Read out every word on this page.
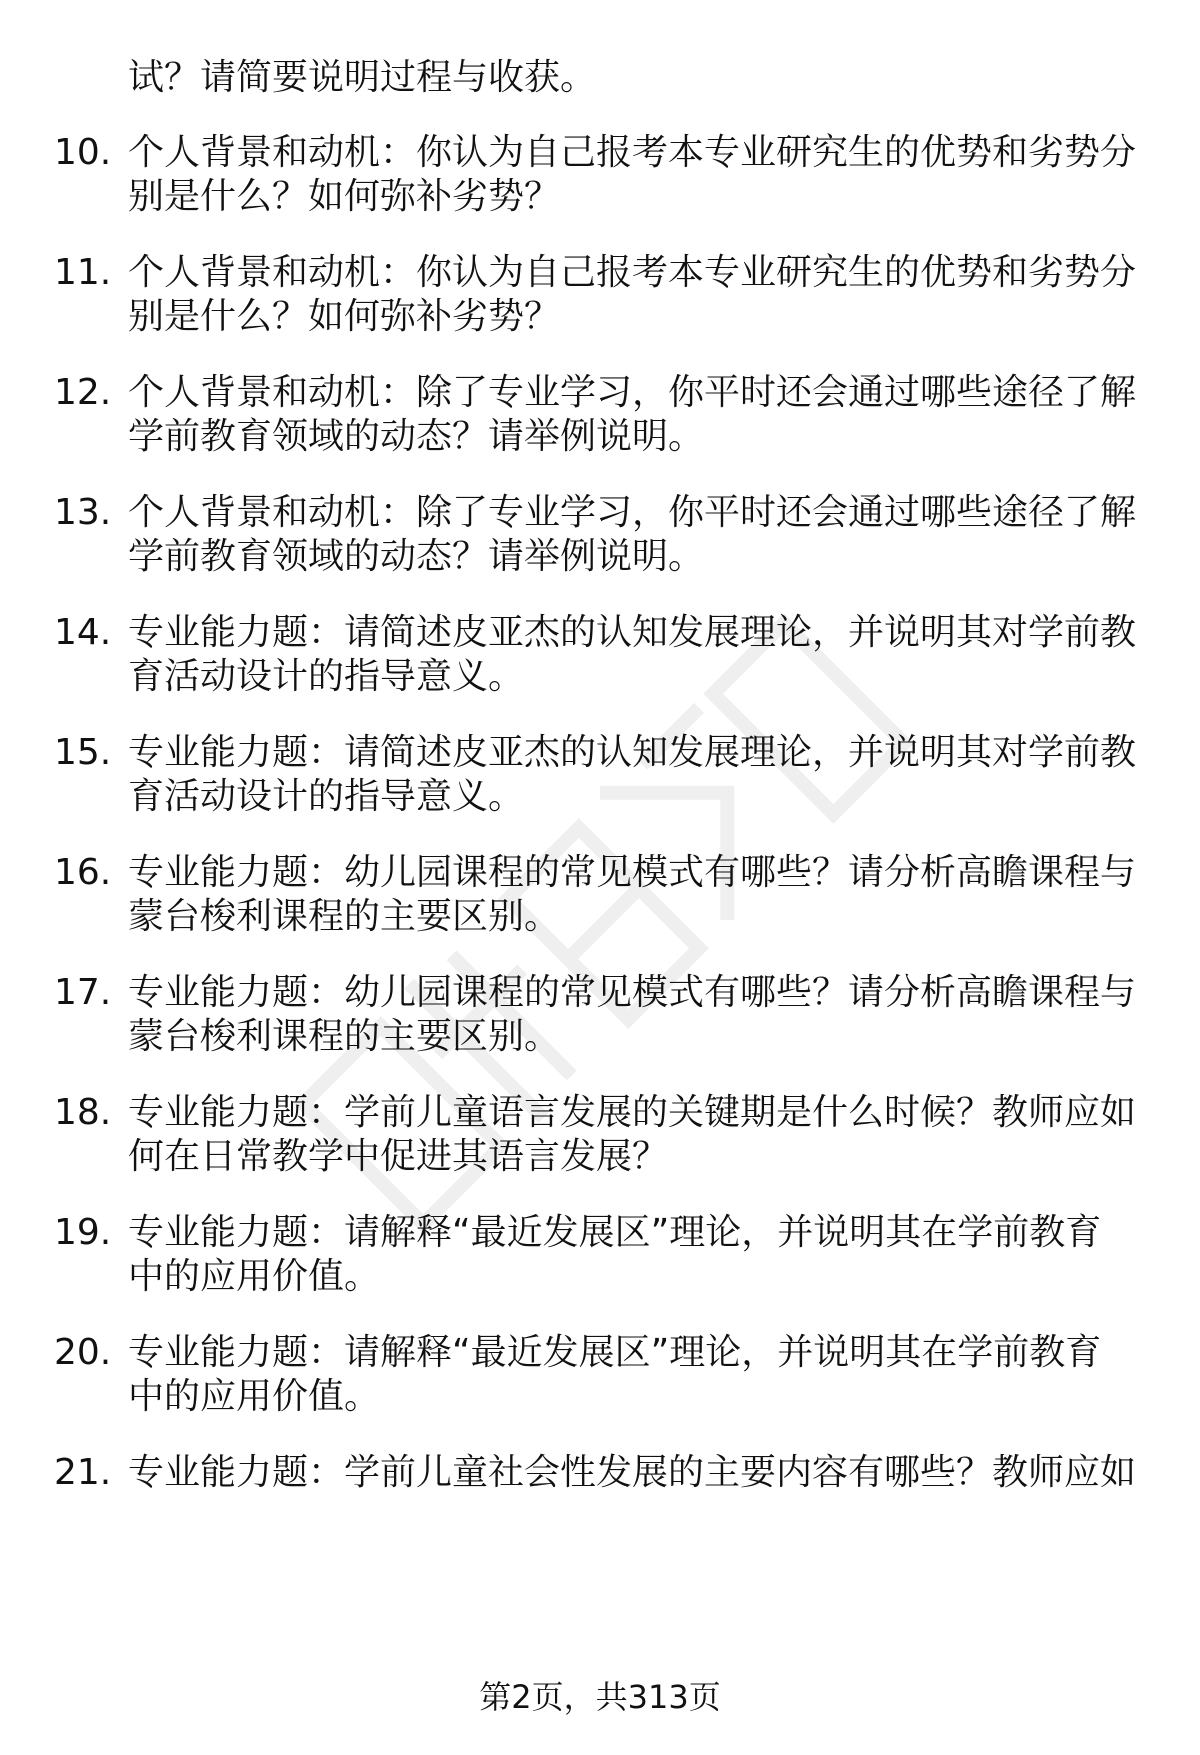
试？请简要说明过程与收获。
10. 个人背景和动机：你认为自己报考本专业研究生的优势和劣势分
别是什么？如何弥补劣势？
11. 个人背景和动机：你认为自己报考本专业研究生的优势和劣势分
别是什么？如何弥补劣势？
12. 个人背景和动机：除了专业学习，你平时还会通过哪些途径了解
学前教育领域的动态？请举例说明。
13. 个人背景和动机：除了专业学习，你平时还会通过哪些途径了解
学前教育领域的动态？请举例说明。
14. 专业能力题：请简述皮亚杰的认知发展理论，并说明其对学前教
育活动设计的指导意义。
15. 专业能力题：请简述皮亚杰的认知发展理论，并说明其对学前教
育活动设计的指导意义。
16. 专业能力题：幼儿园课程的常见模式有哪些？请分析高瞻课程与
蒙台梭利课程的主要区别。
17. 专业能力题：幼儿园课程的常见模式有哪些？请分析高瞻课程与
蒙台梭利课程的主要区别。
18. 专业能力题：学前儿童语言发展的关键期是什么时候？教师应如
何在日常教学中促进其语言发展？
19. 专业能力题：请解释“最近发展区”理论，并说明其在学前教育
中的应用价值。
20. 专业能力题：请解释“最近发展区”理论，并说明其在学前教育
中的应用价值。
21. 专业能力题：学前儿童社会性发展的主要内容有哪些？教师应如
第2页，共313页
